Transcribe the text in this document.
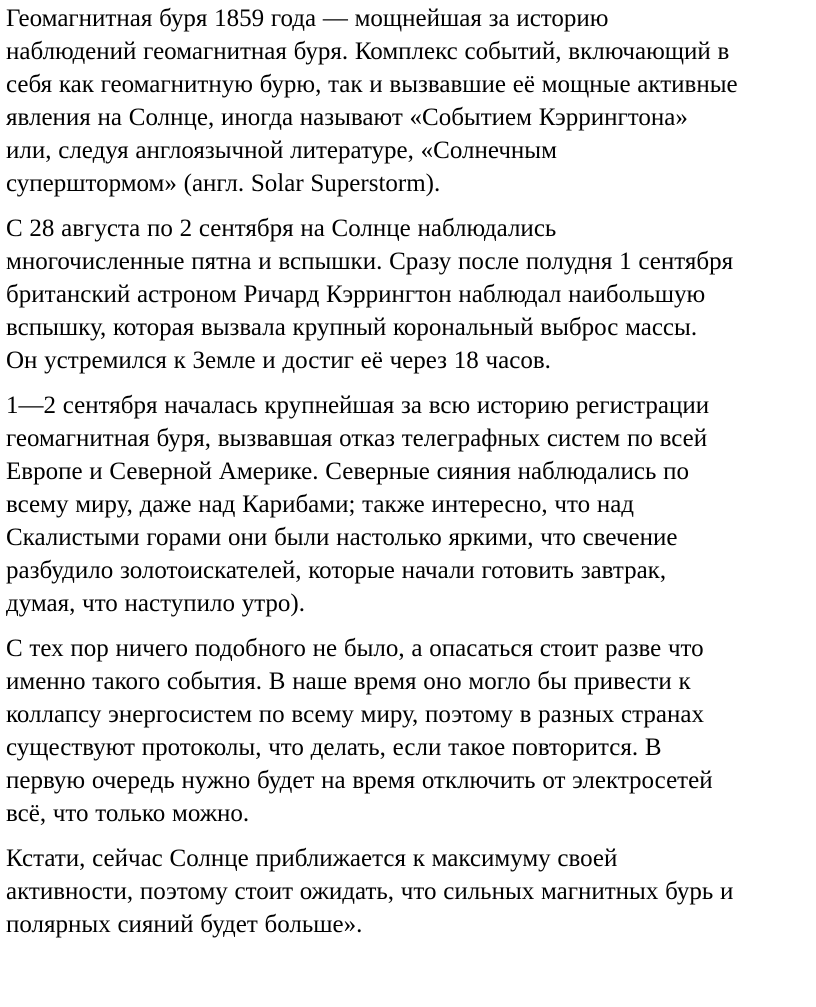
Геомагнитная буря 1859 года — мощнейшая за историю
наблюдений геомагнитная буря. Комплекс событий, включающий в
себя как геомагнитную бурю, так и вызвавшие её мощные активные
явления на Солнце, иногда называют «Событием Кэррингтона»
или, следуя англоязычной литературе, «Солнечным
суперштормом» (англ. Solar Superstorm).

С 28 августа по 2 сентября на Солнце наблюдались
многочисленные пятна и вспышки. Сразу после полудня 1 сентября
британский астроном Ричард Кэррингтон наблюдал наибольшую
вспышку, которая вызвала крупный корональный выброс массы.
Он устремился к Земле и достиг её через 18 часов.

1—2 сентября началась крупнейшая за всю историю регистрации
геомагнитная буря, вызвавшая отказ телеграфных систем по всей
Европе и Северной Америке. Северные сияния наблюдались по
всему миру, даже над Карибами; также интересно, что над
Скалистыми горами они были настолько яркими, что свечение
разбудило золотоискателей, которые начали готовить завтрак,
думая, что наступило утро).

С тех пор ничего подобного не было, а опасаться стоит разве что
именно такого события. В наше время оно могло бы привести к
коллапсу энергосистем по всему миру, поэтому в разных странах
существуют протоколы, что делать, если такое повторится. В
первую очередь нужно будет на время отключить от электросетей
всё, что только можно.

Кстати, сейчас Солнце приближается к максимуму своей
активности, поэтому стоит ожидать, что сильных магнитных бурь и
полярных сияний будет больше».
